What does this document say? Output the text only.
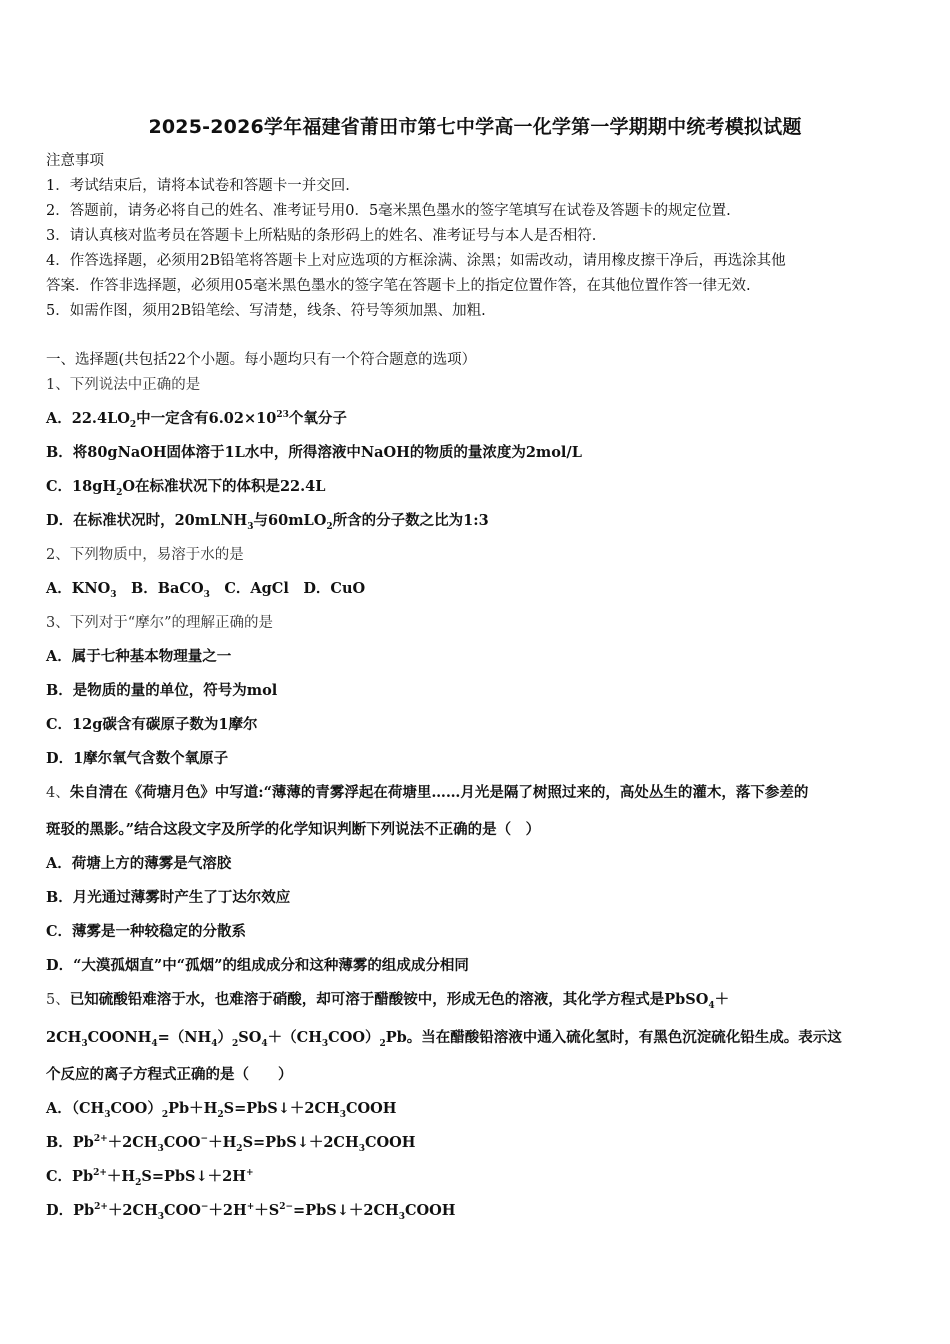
2025-2026学年福建省莆田市第七中学高一化学第一学期期中统考模拟试题
注意事项
1．考试结束后，请将本试卷和答题卡一并交回.
2．答题前，请务必将自己的姓名、准考证号用0．5毫米黑色墨水的签字笔填写在试卷及答题卡的规定位置.
3．请认真核对监考员在答题卡上所粘贴的条形码上的姓名、准考证号与本人是否相符.
4．作答选择题，必须用2B铅笔将答题卡上对应选项的方框涂满、涂黑；如需改动，请用橡皮擦干净后，再选涂其他
答案．作答非选择题，必须用05毫米黑色墨水的签字笔在答题卡上的指定位置作答，在其他位置作答一律无效.
5．如需作图，须用2B铅笔绘、写清楚，线条、符号等须加黑、加粗.
一、选择题(共包括22个小题。每小题均只有一个符合题意的选项）
1、下列说法中正确的是
A．$22.4LO_2$中一定含有$6.02\times 10^{23}$个氧分子
B．将80gNaOH固体溶于1L水中，所得溶液中NaOH的物质的量浓度为2mol/L
C．$18gH_2O$在标准状况下的体积是22.4L
D．在标准状况时，20mLNH$_3$与60mLO$_2$所含的分子数之比为1:3
2、下列物质中，易溶于水的是
A．$KNO_3$　B．BaCO$_3$　C．AgCl　D．CuO
3、下列对于“摩尔”的理解正确的是
A．属于七种基本物理量之一
B．是物质的量的单位，符号为mol
C．12g碳含有碳原子数为1摩尔
D．1摩尔氧气含数个氧原子
4、朱自清在《荷塘月色》中写道:“薄薄的青雾浮起在荷塘里……月光是隔了树照过来的，高处丛生的灌木，落下参差的
斑驳的黑影。”结合这段文字及所学的化学知识判断下列说法不正确的是（　）
A．荷塘上方的薄雾是气溶胶
B．月光通过薄雾时产生了丁达尔效应
C．薄雾是一种较稳定的分散系
D．“大漠孤烟直”中“孤烟”的组成成分和这种薄雾的组成成分相同
5、已知硫酸铅难溶于水，也难溶于硝酸，却可溶于醋酸铵中，形成无色的溶液，其化学方程式是PbSO$_4$＋
$2CH_3COONH_4=(NH_4)_2SO_4+(CH_3COO)_2Pb$。当在醋酸铅溶液中通入硫化氢时，有黑色沉淀硫化铅生成。表示这
个反应的离子方程式正确的是（　　）
A．$(CH_3COO)_2Pb+H_2S=PbS↓+2CH_3COOH$
B．$Pb^{2+}+2CH_3COO^-+H_2S=PbS↓+2CH_3COOH$
C．$Pb^{2+}+H_2S=PbS↓+2H^+$
D．$Pb^{2+}+2CH_3COO^-+2H^++S^{2-}=PbS↓+2CH_3COOH$
